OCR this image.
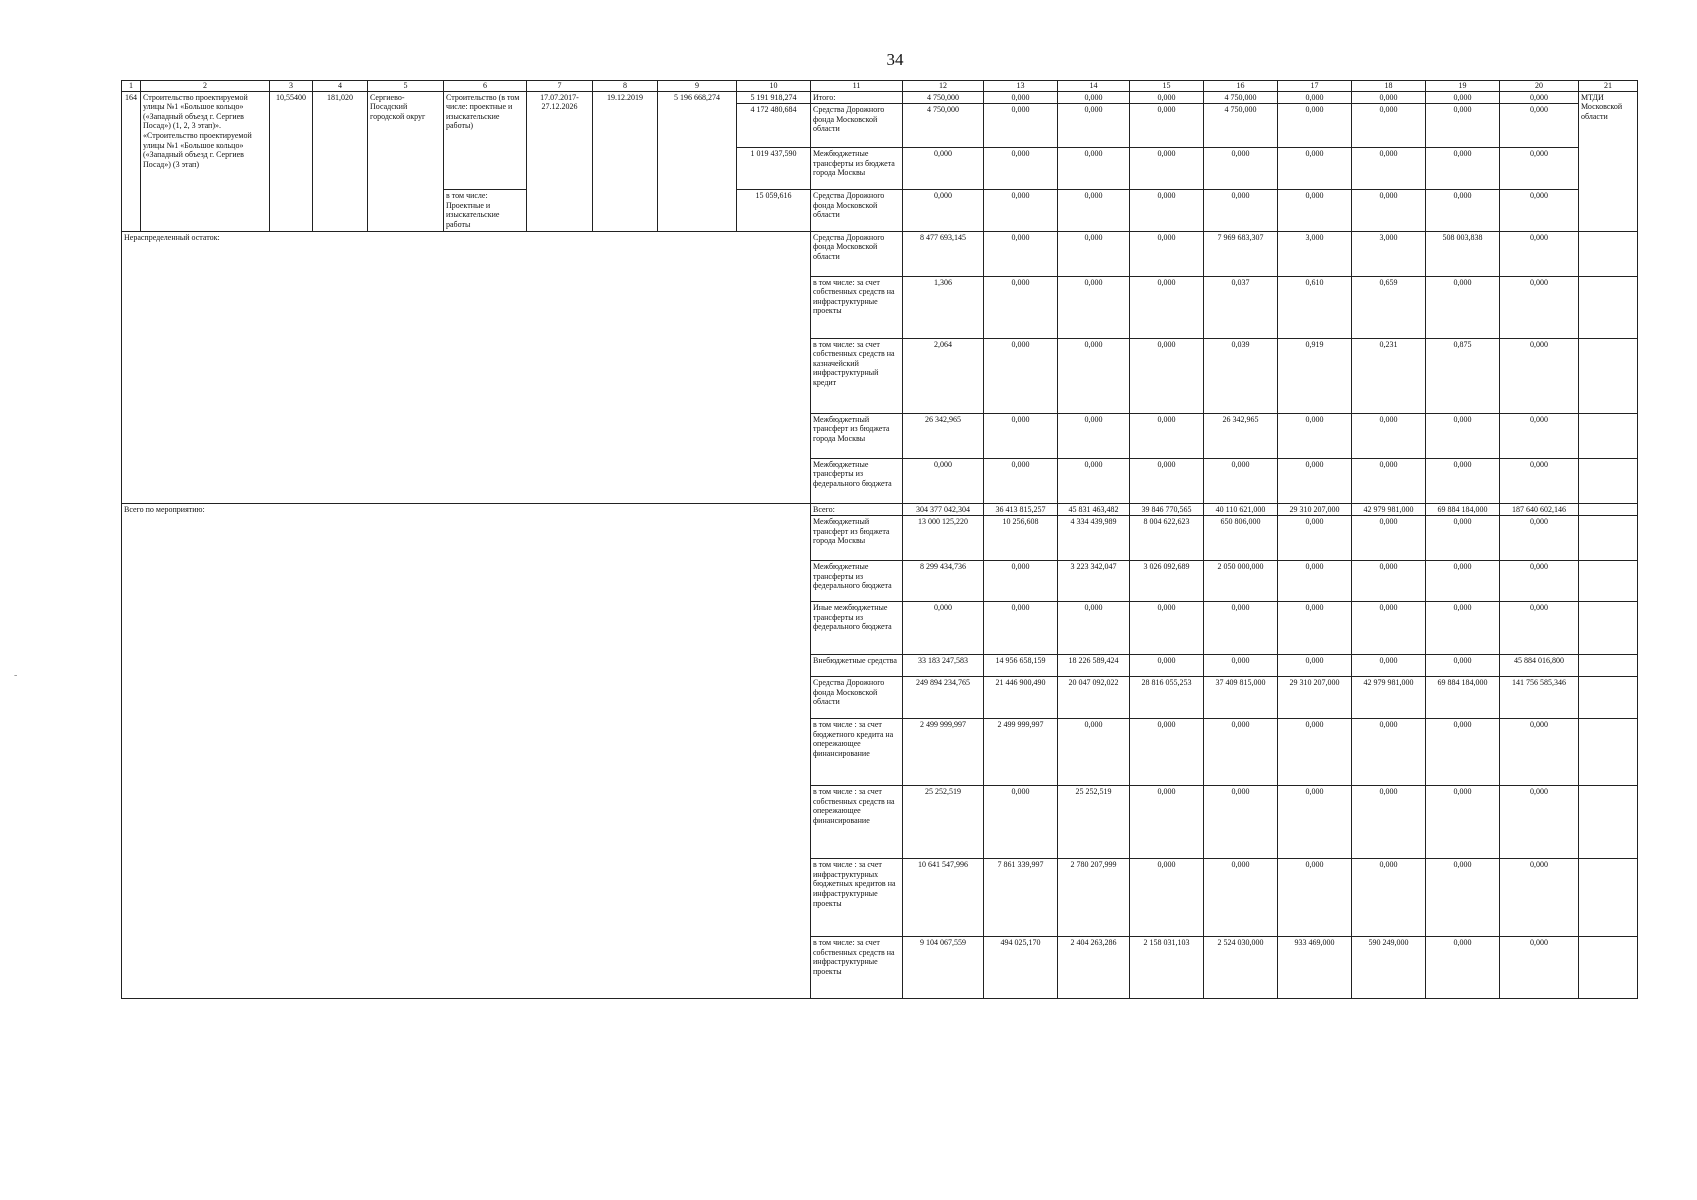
34
-
1	2	3	4	5	6	7	8	9	10	11	12	13	14	15	16	17	18	19	20	21
164	Строительство проектируемой улицы №1 «Большое кольцо» («Западный объезд г. Сергиев Посад») (1, 2, 3 этап)». «Строительство проектируемой улицы №1 «Большое кольцо» («Западный объезд г. Сергиев Посад») (3 этап)	10,55400	181,020	Сергиево-Посадский городской округ	Строительство (в том числе: проектные и изыскательские работы)	17.07.2017-27.12.2026	19.12.2019	5 196 668,274	5 191 918,274	Итого:	4 750,000	0,000	0,000	0,000	4 750,000	0,000	0,000	0,000	0,000	МТДИ Московской области
									4 172 480,684	Средства Дорожного фонда Московской области	4 750,000	0,000	0,000	0,000	4 750,000	0,000	0,000	0,000	0,000	
									1 019 437,590	Межбюджетные трансферты из бюджета города Москвы	0,000	0,000	0,000	0,000	0,000	0,000	0,000	0,000	0,000	
					в том числе: Проектные и изыскательские работы				15 059,616	Средства Дорожного фонда Московской области	0,000	0,000	0,000	0,000	0,000	0,000	0,000	0,000	0,000	
Нераспределенный остаток:										Средства Дорожного фонда Московской области	8 477 693,145	0,000	0,000	0,000	7 969 683,307	3,000	3,000	508 003,838	0,000	
										в том числе: за счет собственных средств на инфраструктурные проекты	1,306	0,000	0,000	0,000	0,037	0,610	0,659	0,000	0,000	
										в том числе: за счет собственных средств на казначейский инфраструктурный кредит	2,064	0,000	0,000	0,000	0,039	0,919	0,231	0,875	0,000	
										Межбюджетный трансферт из бюджета города Москвы	26 342,965	0,000	0,000	0,000	26 342,965	0,000	0,000	0,000	0,000	
										Межбюджетные трансферты из федерального бюджета	0,000	0,000	0,000	0,000	0,000	0,000	0,000	0,000	0,000	
Всего по мероприятию:										Всего:	304 377 042,304	36 413 815,257	45 831 463,482	39 846 770,565	40 110 621,000	29 310 207,000	42 979 981,000	69 884 184,000	187 640 602,146	
										Межбюджетный трансферт из бюджета города Москвы	13 000 125,220	10 256,608	4 334 439,989	8 004 622,623	650 806,000	0,000	0,000	0,000	0,000	
										Межбюджетные трансферты из федерального бюджета	8 299 434,736	0,000	3 223 342,047	3 026 092,689	2 050 000,000	0,000	0,000	0,000	0,000	
										Иные межбюджетные трансферты из федерального бюджета	0,000	0,000	0,000	0,000	0,000	0,000	0,000	0,000	0,000	
										Внебюджетные средства	33 183 247,583	14 956 658,159	18 226 589,424	0,000	0,000	0,000	0,000	0,000	45 884 016,800	
										Средства Дорожного фонда Московской области	249 894 234,765	21 446 900,490	20 047 092,022	28 816 055,253	37 409 815,000	29 310 207,000	42 979 981,000	69 884 184,000	141 756 585,346	
										в том числе : за счет бюджетного кредита на опережающее финансирование	2 499 999,997	2 499 999,997	0,000	0,000	0,000	0,000	0,000	0,000	0,000	
										в том числе : за счет собственных средств на опережающее финансирование	25 252,519	0,000	25 252,519	0,000	0,000	0,000	0,000	0,000	0,000	
										в том числе : за счет инфраструктурных бюджетных кредитов на инфраструктурные проекты	10 641 547,996	7 861 339,997	2 780 207,999	0,000	0,000	0,000	0,000	0,000	0,000	
										в том числе: за счет собственных средств на инфраструктурные проекты	9 104 067,559	494 025,170	2 404 263,286	2 158 031,103	2 524 030,000	933 469,000	590 249,000	0,000	0,000	
